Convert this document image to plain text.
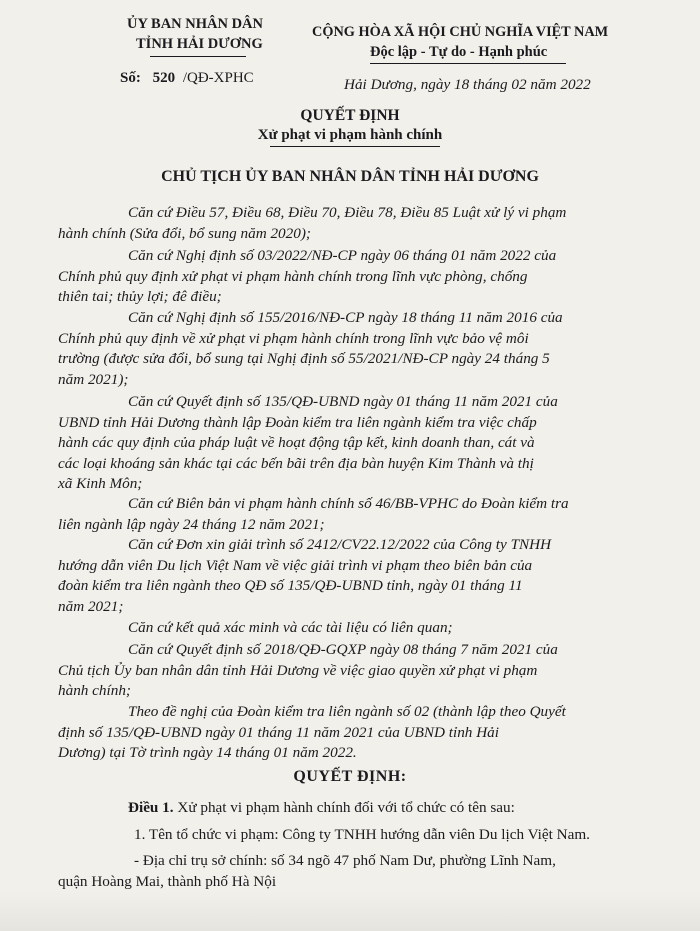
ỦY BAN NHÂN DÂN
TỈNH HẢI DƯƠNG
Số: 520 /QĐ-XPHC
CỘNG HÒA XÃ HỘI CHỦ NGHĨA VIỆT NAM
Độc lập - Tự do - Hạnh phúc
Hải Dương, ngày 18 tháng 02 năm 2022
QUYẾT ĐỊNH
Xử phạt vi phạm hành chính
CHỦ TỊCH ỦY BAN NHÂN DÂN TỈNH HẢI DƯƠNG
Căn cứ Điều 57, Điều 68, Điều 70, Điều 78, Điều 85 Luật xử lý vi phạm
hành chính (Sửa đổi, bổ sung năm 2020);
Căn cứ Nghị định số 03/2022/NĐ-CP ngày 06 tháng 01 năm 2022 của
Chính phủ quy định xử phạt vi phạm hành chính trong lĩnh vực phòng, chống
thiên tai; thủy lợi; đê điều;
Căn cứ Nghị định số 155/2016/NĐ-CP ngày 18 tháng 11 năm 2016 của
Chính phủ quy định về xử phạt vi phạm hành chính trong lĩnh vực bảo vệ môi
trường (được sửa đổi, bổ sung tại Nghị định số 55/2021/NĐ-CP ngày 24 tháng 5
năm 2021);
Căn cứ Quyết định số 135/QĐ-UBND ngày 01 tháng 11 năm 2021 của
UBND tỉnh Hải Dương thành lập Đoàn kiểm tra liên ngành kiểm tra việc chấp
hành các quy định của pháp luật về hoạt động tập kết, kinh doanh than, cát và
các loại khoáng sản khác tại các bến bãi trên địa bàn huyện Kim Thành và thị
xã Kinh Môn;
Căn cứ Biên bản vi phạm hành chính số 46/BB-VPHC do Đoàn kiểm tra
liên ngành lập ngày 24 tháng 12 năm 2021;
Căn cứ Đơn xin giải trình số 2412/CV22.12/2022 của Công ty TNHH
hướng dẫn viên Du lịch Việt Nam về việc giải trình vi phạm theo biên bản của
đoàn kiểm tra liên ngành theo QĐ số 135/QĐ-UBND tỉnh, ngày 01 tháng 11
năm 2021;
Căn cứ kết quả xác minh và các tài liệu có liên quan;
Căn cứ Quyết định số 2018/QĐ-GQXP ngày 08 tháng 7 năm 2021 của
Chủ tịch Ủy ban nhân dân tỉnh Hải Dương về việc giao quyền xử phạt vi phạm
hành chính;
Theo đề nghị của Đoàn kiểm tra liên ngành số 02 (thành lập theo Quyết
định số 135/QĐ-UBND ngày 01 tháng 11 năm 2021 của UBND tỉnh Hải
Dương) tại Tờ trình ngày 14 tháng 01 năm 2022.
QUYẾT ĐỊNH:
Điều 1. Xử phạt vi phạm hành chính đối với tổ chức có tên sau:
1. Tên tổ chức vi phạm: Công ty TNHH hướng dẫn viên Du lịch Việt Nam.
- Địa chỉ trụ sở chính: số 34 ngõ 47 phố Nam Dư, phường Lĩnh Nam,
quận Hoàng Mai, thành phố Hà Nội
